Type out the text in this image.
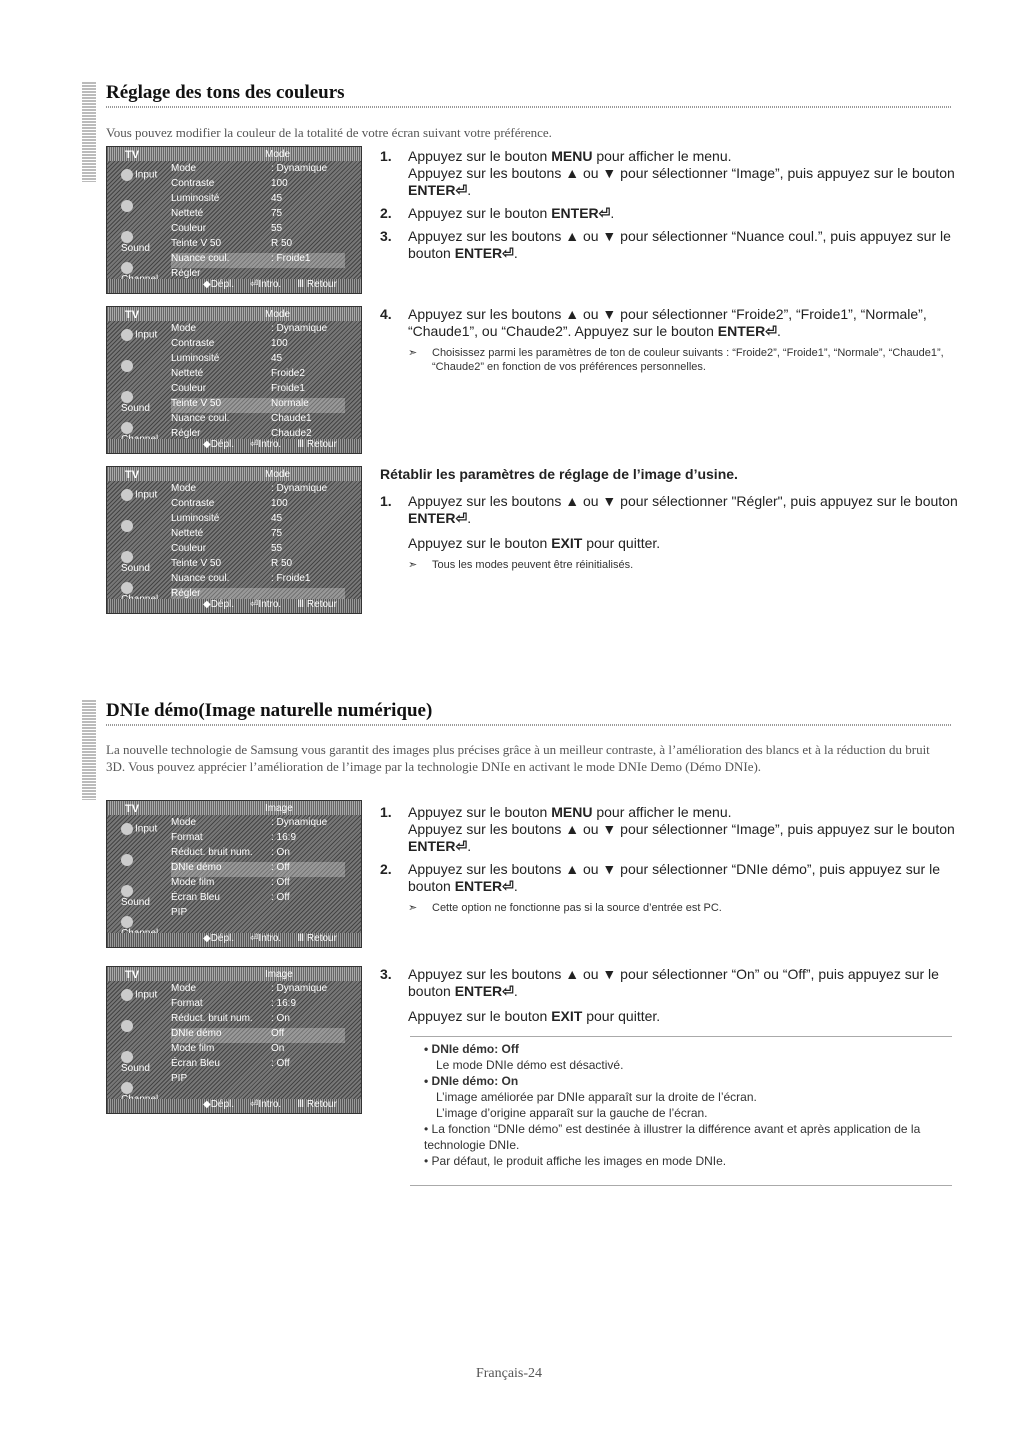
Réglage des tons des couleurs
Vous pouvez modifier la couleur de la totalité de votre écran suivant votre préférence.
TV	Mode
Input
Sound
Mode	: Dynamique
Contraste	100
Luminosité	45
Netteté	75
Couleur	55
Teinte V 50	R 50
Nuance coul.	: Froide1
Régler
◆Dépl. ⏎Intro. Ⅲ Retour
TV	Mode
Input
Sound
Mode	: Dynamique
Contraste	100
Luminosité	45
Netteté	Froide2
Couleur	Froide1
Teinte V 50	Normale
Nuance coul.	Chaude1
Régler	Chaude2
◆Dépl. ⏎Intro. Ⅲ Retour
TV	Mode
Input
Sound
Mode	: Dynamique
Contraste	100
Luminosité	45
Netteté	75
Couleur	55
Teinte V 50	R 50
Nuance coul.	: Froide1
Régler
◆Dépl. ⏎Intro. Ⅲ Retour
1. Appuyez sur le bouton MENU pour afficher le menu.
Appuyez sur les boutons ▲ ou ▼ pour sélectionner “Image”, puis appuyez sur le bouton ENTER⏎.
2. Appuyez sur le bouton ENTER⏎.
3. Appuyez sur les boutons ▲ ou ▼ pour sélectionner “Nuance coul.”, puis appuyez sur le bouton ENTER⏎.
4. Appuyez sur les boutons ▲ ou ▼ pour sélectionner “Froide2”, “Froide1”, “Normale”, “Chaude1”, ou “Chaude2”. Appuyez sur le bouton ENTER⏎.
➣ Choisissez parmi les paramètres de ton de couleur suivants : “Froide2”, “Froide1”, “Normale”, “Chaude1”, “Chaude2” en fonction de vos préférences personnelles.
Rétablir les paramètres de réglage de l’image d’usine.
1. Appuyez sur les boutons ▲ ou ▼ pour sélectionner "Régler", puis appuyez sur le bouton ENTER⏎.
Appuyez sur le bouton EXIT pour quitter.
➣ Tous les modes peuvent être réinitialisés.
DNIe démo(Image naturelle numérique)
La nouvelle technologie de Samsung vous garantit des images plus précises grâce à un meilleur contraste, à l’amélioration des blancs et à la réduction du bruit 3D. Vous pouvez apprécier l’amélioration de l’image par la technologie DNIe en activant le mode DNIe Demo (Démo DNIe).
TV	Image
Input
Sound
Mode	: Dynamique
Format	: 16:9
Réduct. bruit num. : On
DNIe démo	: Off
Mode film	: Off
Écran Bleu	: Off
PIP
◆Dépl. ⏎Intro. Ⅲ Retour
TV	Image
Input
Sound
Mode	: Dynamique
Format	: 16:9
Réduct. bruit num. : On
DNIe démo	Off
Mode film	On
Écran Bleu	: Off
PIP
◆Dépl. ⏎Intro. Ⅲ Retour
1. Appuyez sur le bouton MENU pour afficher le menu.
Appuyez sur les boutons ▲ ou ▼ pour sélectionner “Image”, puis appuyez sur le bouton ENTER⏎.
2. Appuyez sur les boutons ▲ ou ▼ pour sélectionner “DNIe démo”, puis appuyez sur le bouton ENTER⏎.
➣ Cette option ne fonctionne pas si la source d’entrée est PC.
3. Appuyez sur les boutons ▲ ou ▼ pour sélectionner “On” ou “Off”, puis appuyez sur le bouton ENTER⏎.
Appuyez sur le bouton EXIT pour quitter.
• DNIe démo: Off
Le mode DNIe démo est désactivé.
• DNIe démo: On
L’image améliorée par DNIe apparaît sur la droite de l’écran.
L’image d’origine apparaît sur la gauche de l’écran.
• La fonction “DNIe démo” est destinée à illustrer la différence avant et après application de la technologie DNIe.
• Par défaut, le produit affiche les images en mode DNIe.
Français-24
